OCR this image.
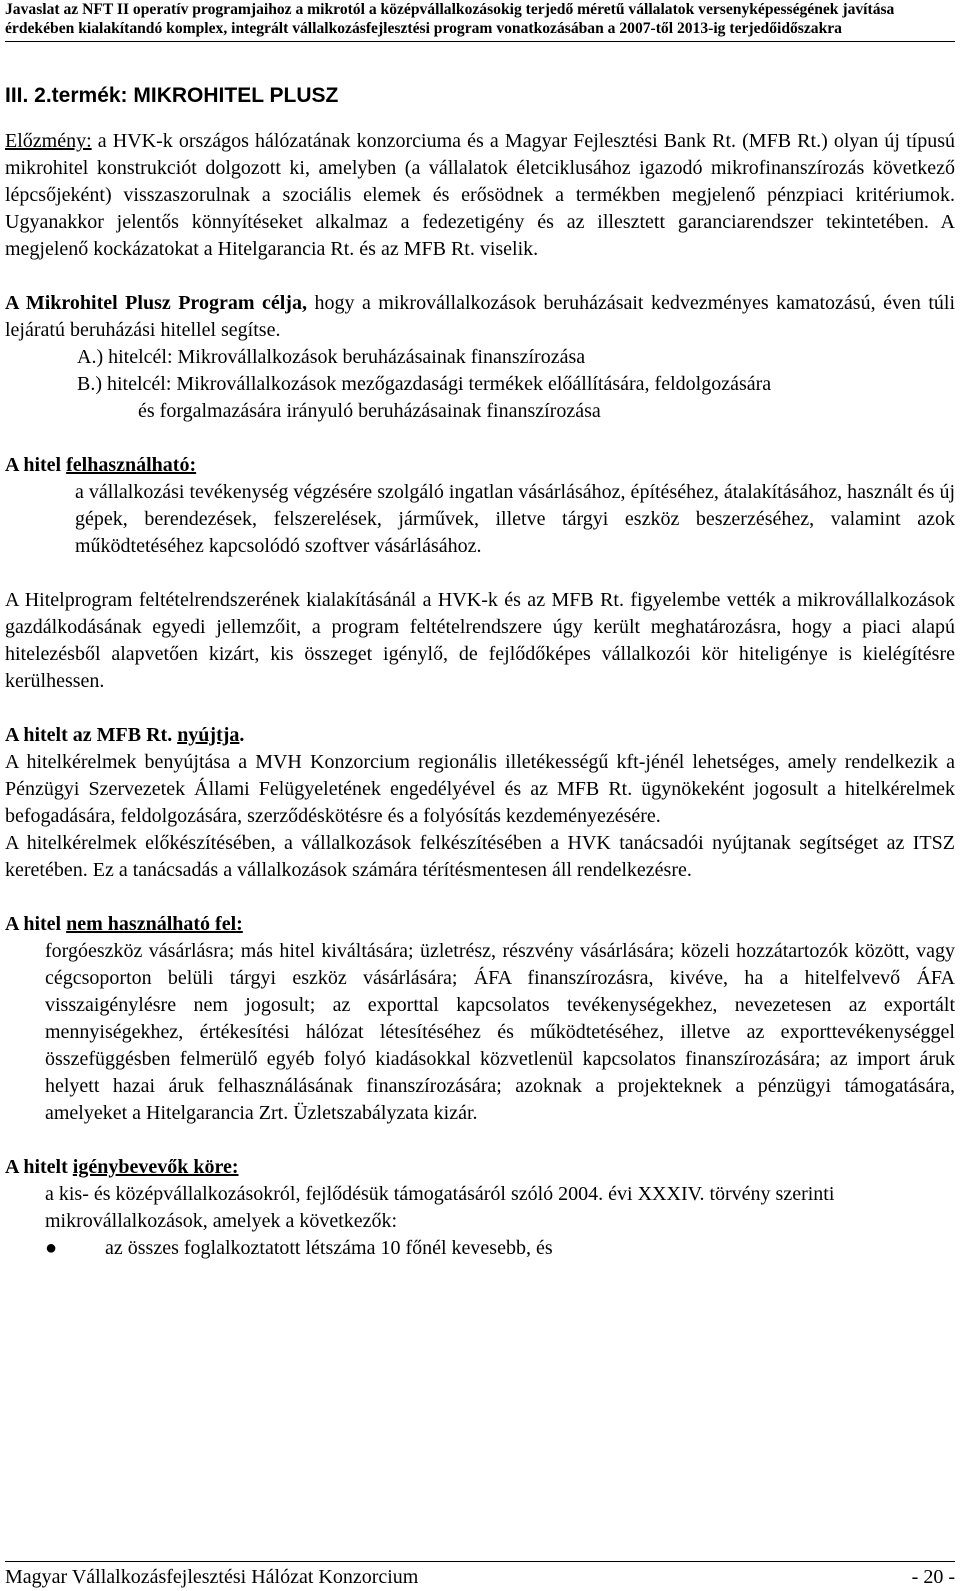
Javaslat az NFT II operatív programjaihoz a mikrotól a középvállalkozásokig terjedő méretű vállalatok versenyképességének javítása
érdekében kialakítandó komplex, integrált vállalkozásfejlesztési program vonatkozásában a 2007-től 2013-ig terjedőidőszakra
III. 2.termék: MIKROHITEL PLUSZ

Előzmény: a HVK-k országos hálózatának konzorciuma és a Magyar Fejlesztési Bank Rt. (MFB Rt.) olyan új típusú mikrohitel konstrukciót dolgozott ki, amelyben (a vállalatok életciklusához igazodó mikrofinanszírozás következő lépcsőjeként) visszaszorulnak a szociális elemek és erősödnek a termékben megjelenő pénzpiaci kritériumok. Ugyanakkor jelentős könnyítéseket alkalmaz a fedezetigény és az illesztett garanciarendszer tekintetében. A megjelenő kockázatokat a Hitelgarancia Rt. és az MFB Rt. viselik.

A Mikrohitel Plusz Program célja, hogy a mikrovállalkozások beruházásait kedvezményes kamatozású, éven túli lejáratú beruházási hitellel segítse.

A.) hitelcél: Mikrovállalkozások beruházásainak finanszírozása
B.) hitelcél: Mikrovállalkozások mezőgazdasági termékek előállítására, feldolgozására
és forgalmazására irányuló beruházásainak finanszírozása
A hitel felhasználható:

a vállalkozási tevékenység végzésére szolgáló ingatlan vásárlásához, építéséhez, átalakításához, használt és új gépek, berendezések, felszerelések, járművek, illetve tárgyi eszköz beszerzéséhez, valamint azok működtetéséhez kapcsolódó szoftver vásárlásához.

A Hitelprogram feltételrendszerének kialakításánál a HVK-k és az MFB Rt. figyelembe vették a mikrovállalkozások gazdálkodásának egyedi jellemzőit, a program feltételrendszere úgy került meghatározásra, hogy a piaci alapú hitelezésből alapvetően kizárt, kis összeget igénylő, de fejlődőképes vállalkozói kör hiteligénye is kielégítésre kerülhessen.

A hitelt az MFB Rt. nyújtja.

A hitelkérelmek benyújtása a MVH Konzorcium regionális illetékességű kft-jénél lehetséges, amely rendelkezik a Pénzügyi Szervezetek Állami Felügyeletének engedélyével és az MFB Rt. ügynökeként jogosult a hitelkérelmek befogadására, feldolgozására, szerződéskötésre és a folyósítás kezdeményezésére.

A hitelkérelmek előkészítésében, a vállalkozások felkészítésében a HVK tanácsadói nyújtanak segítséget az ITSZ keretében. Ez a tanácsadás a vállalkozások számára térítésmentesen áll rendelkezésre.

A hitel nem használható fel:

forgóeszköz vásárlásra; más hitel kiváltására; üzletrész, részvény vásárlására; közeli hozzátartozók között, vagy cégcsoporton belüli tárgyi eszköz vásárlására; ÁFA finanszírozásra, kivéve, ha a hitelfelvevő ÁFA visszaigénylésre nem jogosult; az exporttal kapcsolatos tevékenységekhez, nevezetesen az exportált mennyiségekhez, értékesítési hálózat létesítéséhez és működtetéséhez, illetve az exporttevékenységgel összefüggésben felmerülő egyéb folyó kiadásokkal közvetlenül kapcsolatos finanszírozására; az import áruk helyett hazai áruk felhasználásának finanszírozására; azoknak a projekteknek a pénzügyi támogatására, amelyeket a Hitelgarancia Zrt. Üzletszabályzata kizár.

A hitelt igénybevevők köre:

a kis- és középvállalkozásokról, fejlődésük támogatásáról szóló 2004. évi XXXIV. törvény szerinti mikrovállalkozások, amelyek a következők:

●	az összes foglalkoztatott létszáma 10 főnél kevesebb, és
Magyar Vállalkozásfejlesztési Hálózat Konzorcium	- 20 -
